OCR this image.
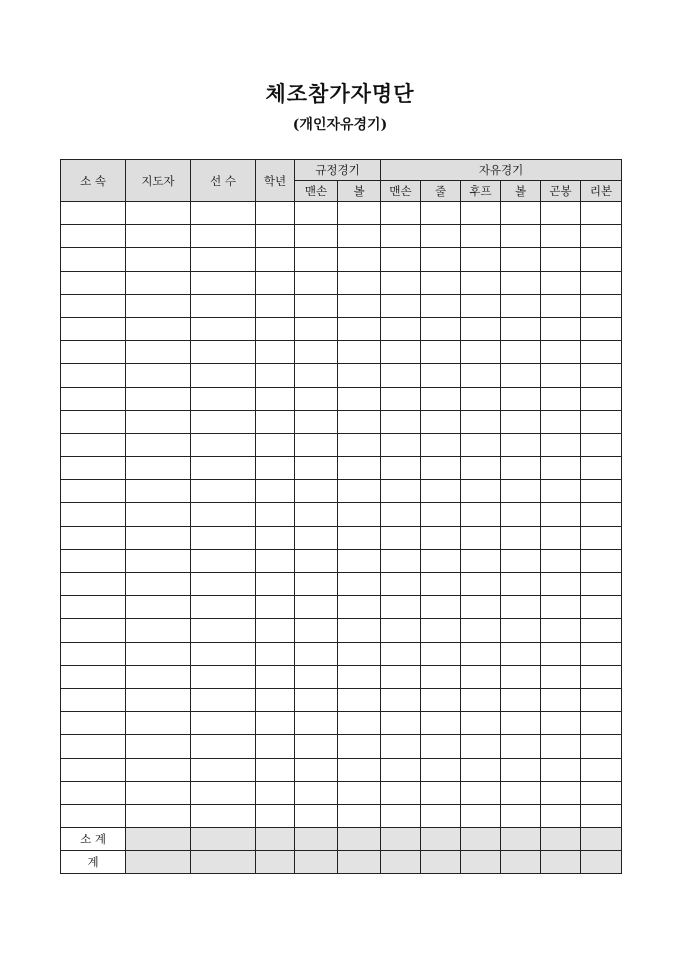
체조참가자명단
(개인자유경기)
소 속	지도자	선 수	학년	규정경기		자유경기					
				맨손	볼	맨손	줄	후프	볼	곤봉	리본

소 계											
계											
